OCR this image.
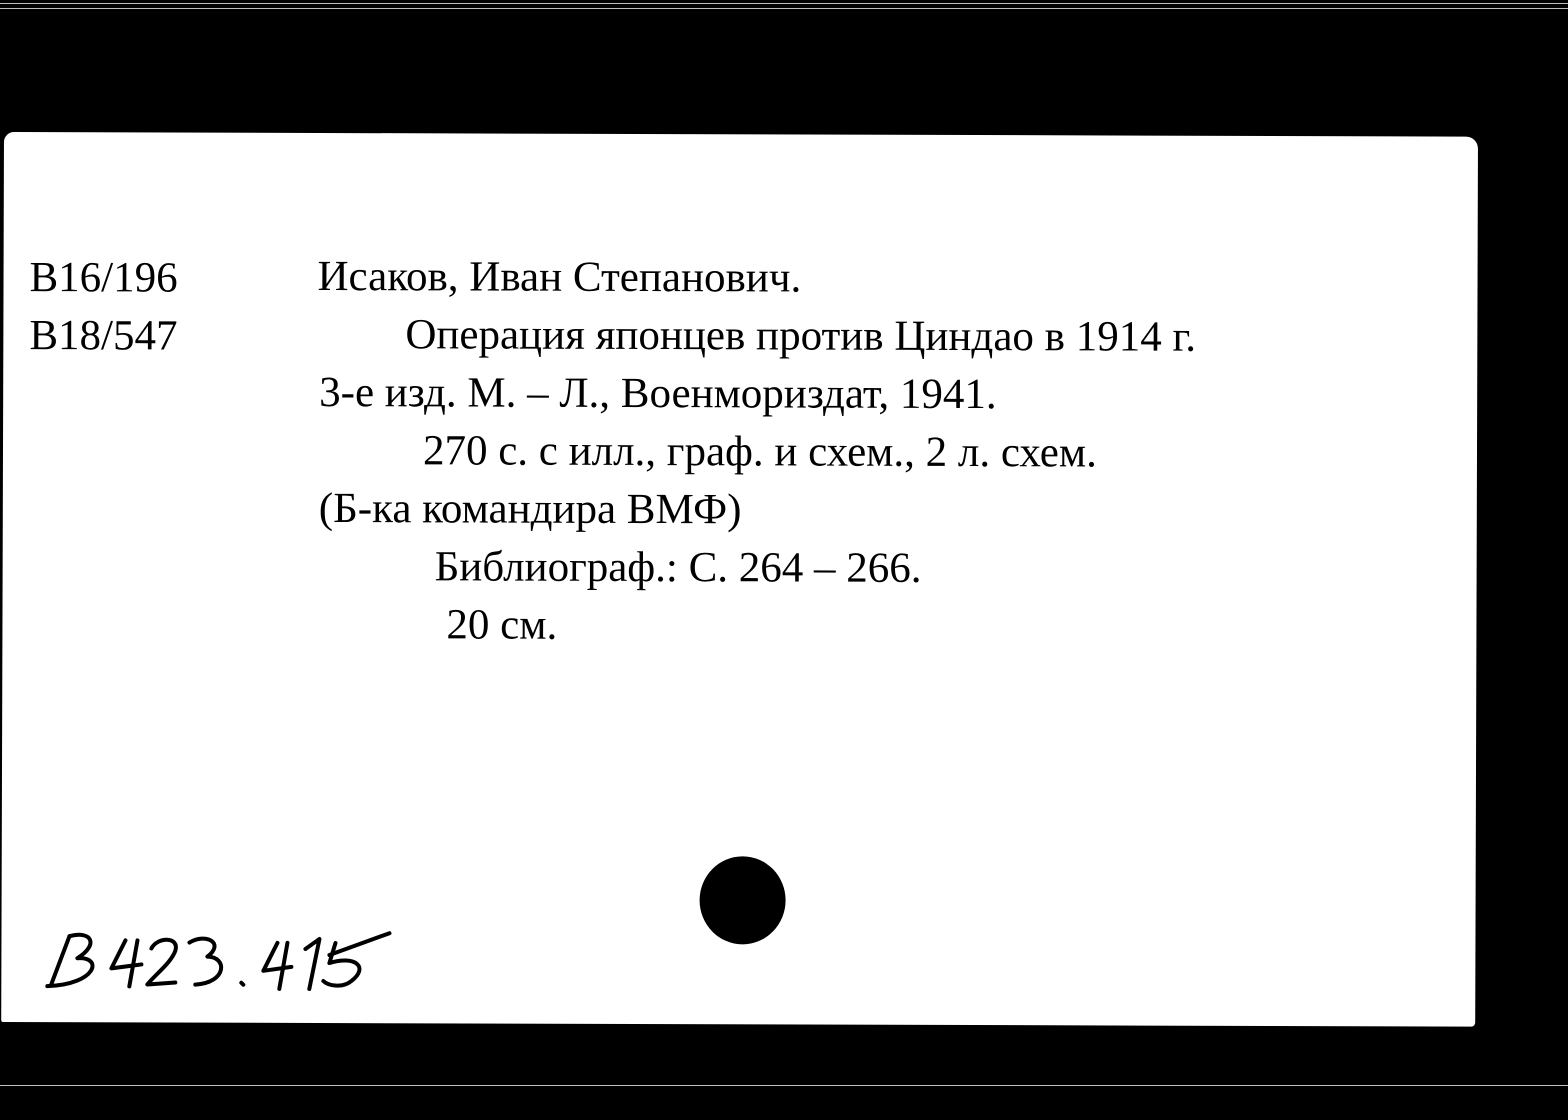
B16/196
B18/547
Исаков, Иван Степанович.
Операция японцев против Циндао в 1914 г.
3-е изд. М. – Л., Военмориздат, 1941.
270 с. с илл., граф. и схем., 2 л. схем.
(Б-ка командира ВМФ)
Библиограф.: С. 264 – 266.
20 см.
